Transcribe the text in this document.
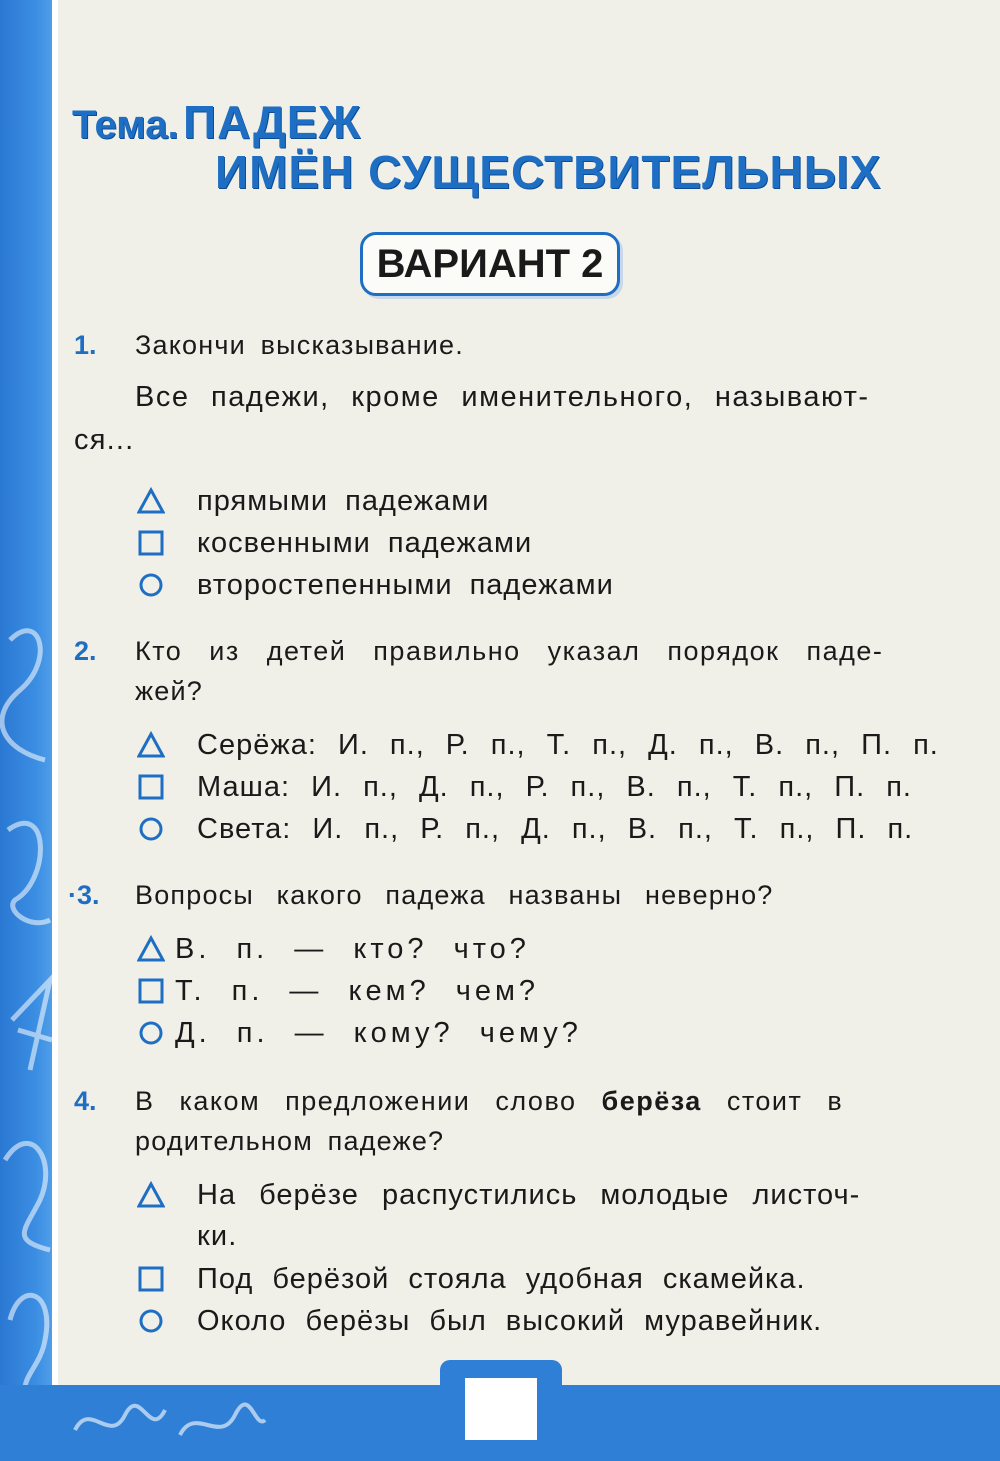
Тема. ПАДЕЖ
ИМЁН СУЩЕСТВИТЕЛЬНЫХ
ВАРИАНТ 2
1. Закончи высказывание.
Все падежи, кроме именительного, называют-
ся...
прямыми падежами
косвенными падежами
второстепенными падежами
2. Кто из детей правильно указал порядок паде-
жей?
Серёжа: И. п., Р. п., Т. п., Д. п., В. п., П. п.
Маша: И. п., Д. п., Р. п., В. п., Т. п., П. п.
Света: И. п., Р. п., Д. п., В. п., Т. п., П. п.
·3. Вопросы какого падежа названы неверно?
В. п. — кто? что?
Т. п. — кем? чем?
Д. п. — кому? чему?
4. В каком предложении слово берёза стоит в
родительном падеже?
На берёзе распустились молодые листоч-
ки.
Под берёзой стояла удобная скамейка.
Около берёзы был высокий муравейник.
